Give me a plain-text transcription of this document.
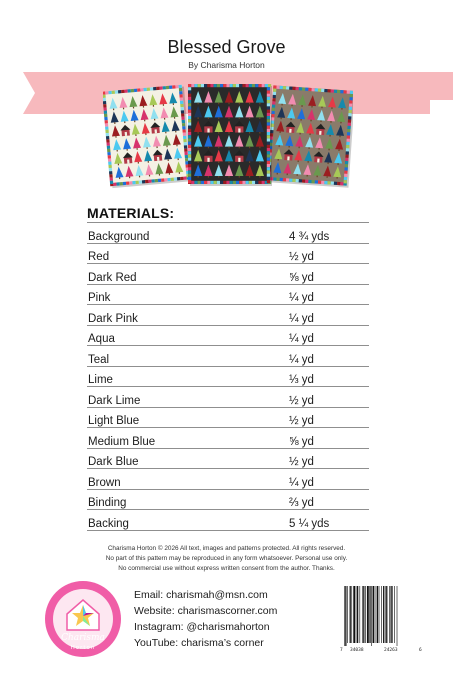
Blessed Grove
By Charisma Horton
MATERIALS:
Background	4 ¾ yds
Red	½ yd
Dark Red	⅝ yd
Pink	¼ yd
Dark Pink	¼ yd
Aqua	¼ yd
Teal	¼ yd
Lime	⅓ yd
Dark Lime	½ yd
Light Blue	½ yd
Medium Blue	⅝ yd
Dark Blue	½ yd
Brown	¼ yd
Binding	⅔ yd
Backing	5 ¼ yds
Charisma Horton © 2026 All text, images and patterns protected. All rights reserved.
No part of this pattern may be reproduced in any form whatsoever. Personal use only.
No commercial use without express written consent from the author. Thanks.
Charisma
Horton
Email: charismah@msn.com
Website: charismascorner.com
Instagram: @charismahorton
YouTube: charisma’s corner
7 34038	24263	6
